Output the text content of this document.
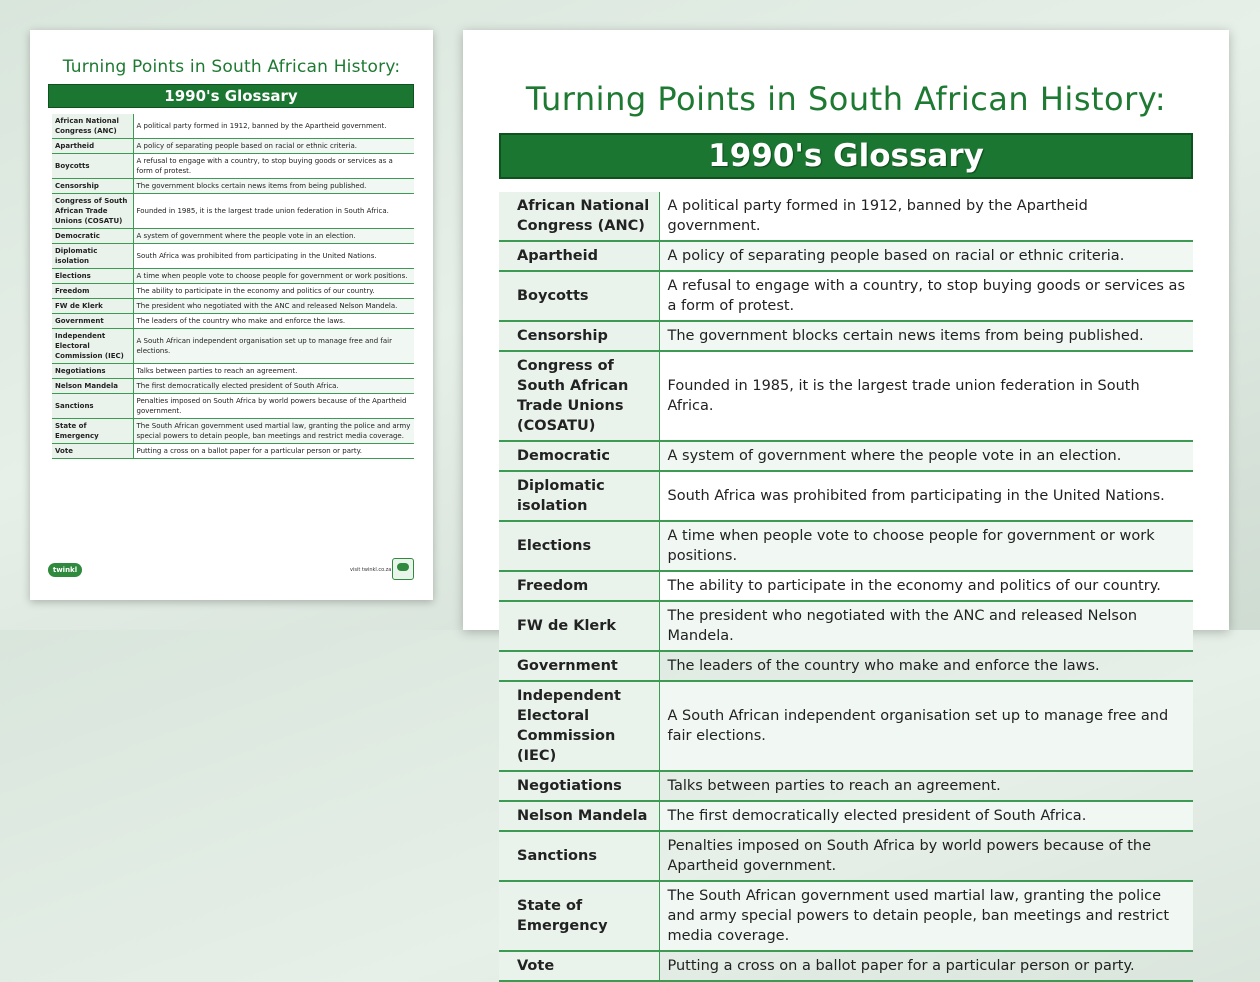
Turning Points in South African History:
1990's Glossary
African National Congress (ANC)	A political party formed in 1912, banned by the Apartheid government.
Apartheid	A policy of separating people based on racial or ethnic criteria.
Boycotts	A refusal to engage with a country, to stop buying goods or services as a form of protest.
Censorship	The government blocks certain news items from being published.
Congress of South African Trade Unions (COSATU)	Founded in 1985, it is the largest trade union federation in South Africa.
Democratic	A system of government where the people vote in an election.
Diplomatic isolation	South Africa was prohibited from participating in the United Nations.
Elections	A time when people vote to choose people for government or work positions.
Freedom	The ability to participate in the economy and politics of our country.
FW de Klerk	The president who negotiated with the ANC and released Nelson Mandela.
Government	The leaders of the country who make and enforce the laws.
Independent Electoral Commission (IEC)	A South African independent organisation set up to manage free and fair elections.
Negotiations	Talks between parties to reach an agreement.
Nelson Mandela	The first democratically elected president of South Africa.
Sanctions	Penalties imposed on South Africa by world powers because of the Apartheid government.
State of Emergency	The South African government used martial law, granting the police and army special powers to detain people, ban meetings and restrict media coverage.
Vote	Putting a cross on a ballot paper for a particular person or party.
twinkl	visit twinkl.co.za
Turning Points in South African History:
1990's Glossary
African National Congress (ANC)	A political party formed in 1912, banned by the Apartheid government.
Apartheid	A policy of separating people based on racial or ethnic criteria.
Boycotts	A refusal to engage with a country, to stop buying goods or services as a form of protest.
Censorship	The government blocks certain news items from being published.
Congress of South African Trade Unions (COSATU)	Founded in 1985, it is the largest trade union federation in South Africa.
Democratic	A system of government where the people vote in an election.
Diplomatic isolation	South Africa was prohibited from participating in the United Nations.
Elections	A time when people vote to choose people for government or work positions.
Freedom	The ability to participate in the economy and politics of our country.
FW de Klerk	The president who negotiated with the ANC and released Nelson Mandela.
Government	The leaders of the country who make and enforce the laws.
Independent Electoral Commission (IEC)	A South African independent organisation set up to manage free and fair elections.
Negotiations	Talks between parties to reach an agreement.
Nelson Mandela	The first democratically elected president of South Africa.
Sanctions	Penalties imposed on South Africa by world powers because of the Apartheid government.
State of Emergency	The South African government used martial law, granting the police and army special powers to detain people, ban meetings and restrict media coverage.
Vote	Putting a cross on a ballot paper for a particular person or party.
